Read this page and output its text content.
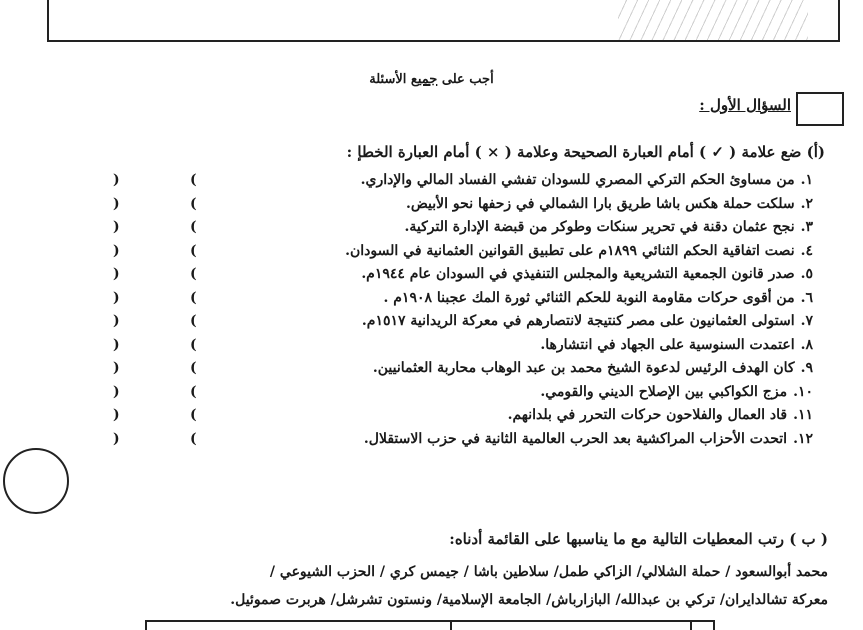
أجب على جميع الأسئلة
السؤال الأول :
(أ) ضع علامة ( ✓ ) أمام العبارة الصحيحة وعلامة ( × ) أمام العبارة الخطإ :
١.من مساوئ الحكم التركي المصري للسودان تفشي الفساد المالي والإداري.
)	(
٢.سلكت حملة هكس باشا طريق بارا الشمالي في زحفها نحو الأبيض.
)	(
٣.نجح عثمان دقنة في تحرير سنكات وطوكر من قبضة الإدارة التركية.
)	(
٤.نصت اتفاقية الحكم الثنائي ١٨٩٩م على تطبيق القوانين العثمانية في السودان.
)	(
٥.صدر قانون الجمعية التشريعية والمجلس التنفيذي في السودان عام ١٩٤٤م.
)	(
٦.من أقوى حركات مقاومة النوبة للحكم الثنائي ثورة المك عجبنا ١٩٠٨م .
)	(
٧.استولى العثمانيون على مصر كنتيجة لانتصارهم في معركة الريدانية ١٥١٧م.
)	(
٨.اعتمدت السنوسية على الجهاد في انتشارها.
)	(
٩.كان الهدف الرئيس لدعوة الشيخ محمد بن عبد الوهاب محاربة العثمانيين.
)	(
١٠.مزج الكواكبي بين الإصلاح الديني والقومي.
)	(
١١.قاد العمال والفلاحون حركات التحرر في بلدانهم.
)	(
١٢.اتحدت الأحزاب المراكشية بعد الحرب العالمية الثانية في حزب الاستقلال.
)	(
( ب ) رتب المعطيات التالية مع ما يناسبها على القائمة أدناه:
محمد أبوالسعود / حملة الشلالي/ الزاكي طمل/ سلاطين باشا / جيمس كري / الحزب الشيوعي /
معركة تشالدايران/ تركي بن عبدالله/ البازارباش/ الجامعة الإسلامية/ ونستون تشرشل/ هربرت صموئيل.
